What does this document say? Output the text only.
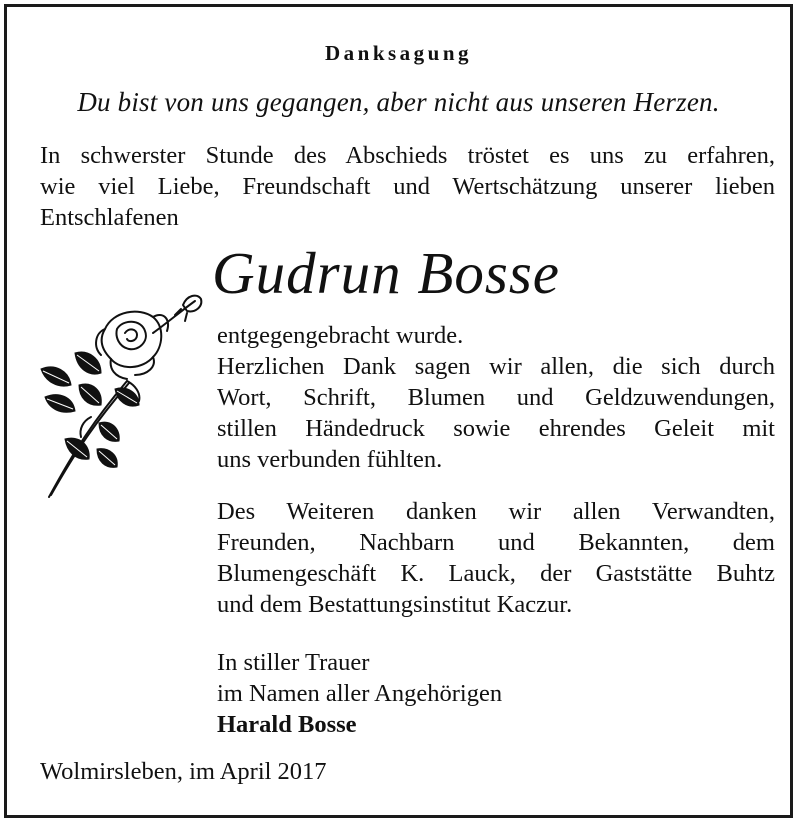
Danksagung
Du bist von uns gegangen, aber nicht aus unseren Herzen.
In schwerster Stunde des Abschieds tröstet es uns zu erfahren,
wie viel Liebe, Freundschaft und Wertschätzung unserer lieben
Entschlafenen
Gudrun Bosse
entgegengebracht wurde.
Herzlichen Dank sagen wir allen, die sich durch
Wort, Schrift, Blumen und Geldzuwendungen,
stillen Händedruck sowie ehrendes Geleit mit
uns verbunden fühlten.
Des Weiteren danken wir allen Verwandten,
Freunden, Nachbarn und Bekannten, dem
Blumengeschäft K. Lauck, der Gaststätte Buhtz
und dem Bestattungsinstitut Kaczur.
In stiller Trauer
im Namen aller Angehörigen
Harald Bosse
Wolmirsleben, im April 2017
